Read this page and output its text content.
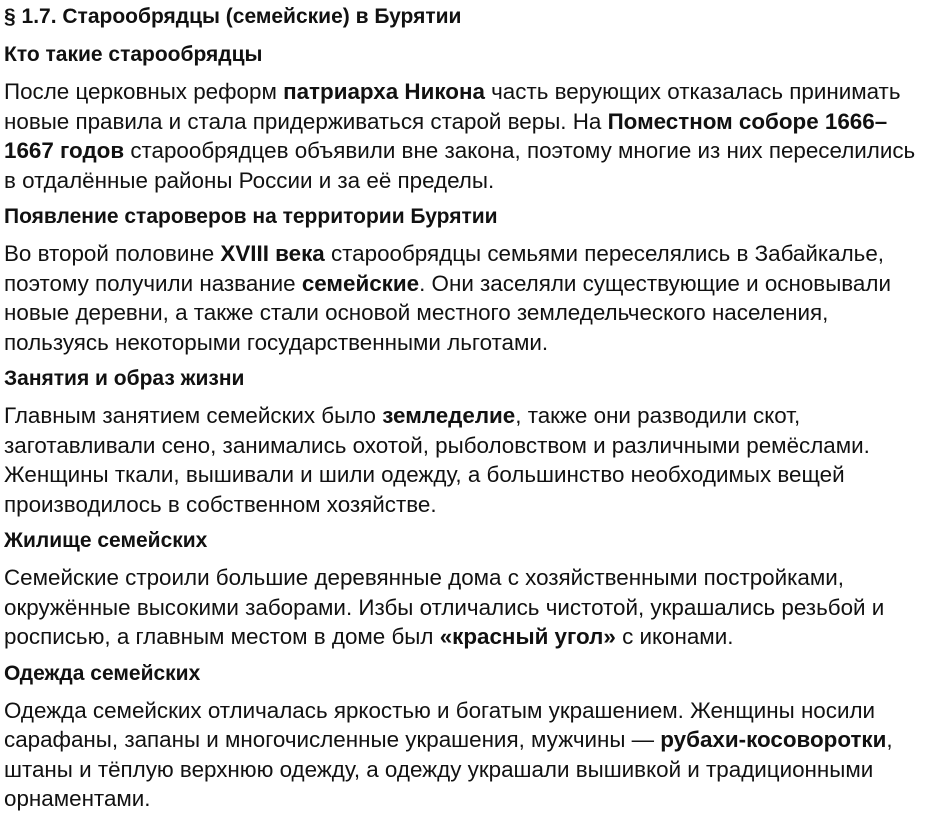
§ 1.7. Старообрядцы (семейские) в Бурятии
Кто такие старообрядцы

После церковных реформ патриарха Никона часть верующих отказалась принимать новые правила и стала придерживаться старой веры. На Поместном соборе 1666–1667 годов старообрядцев объявили вне закона, поэтому многие из них переселились в отдалённые районы России и за её пределы.

Появление староверов на территории Бурятии

Во второй половине XVIII века старообрядцы семьями переселялись в Забайкалье, поэтому получили название семейские. Они заселяли существующие и основывали новые деревни, а также стали основой местного земледельческого населения, пользуясь некоторыми государственными льготами.

Занятия и образ жизни

Главным занятием семейских было земледелие, также они разводили скот, заготавливали сено, занимались охотой, рыболовством и различными ремёслами. Женщины ткали, вышивали и шили одежду, а большинство необходимых вещей производилось в собственном хозяйстве.

Жилище семейских

Семейские строили большие деревянные дома с хозяйственными постройками, окружённые высокими заборами. Избы отличались чистотой, украшались резьбой и росписью, а главным местом в доме был «красный угол» с иконами.

Одежда семейских

Одежда семейских отличалась яркостью и богатым украшением. Женщины носили сарафаны, запаны и многочисленные украшения, мужчины — рубахи-косоворотки, штаны и тёплую верхнюю одежду, а одежду украшали вышивкой и традиционными орнаментами.
